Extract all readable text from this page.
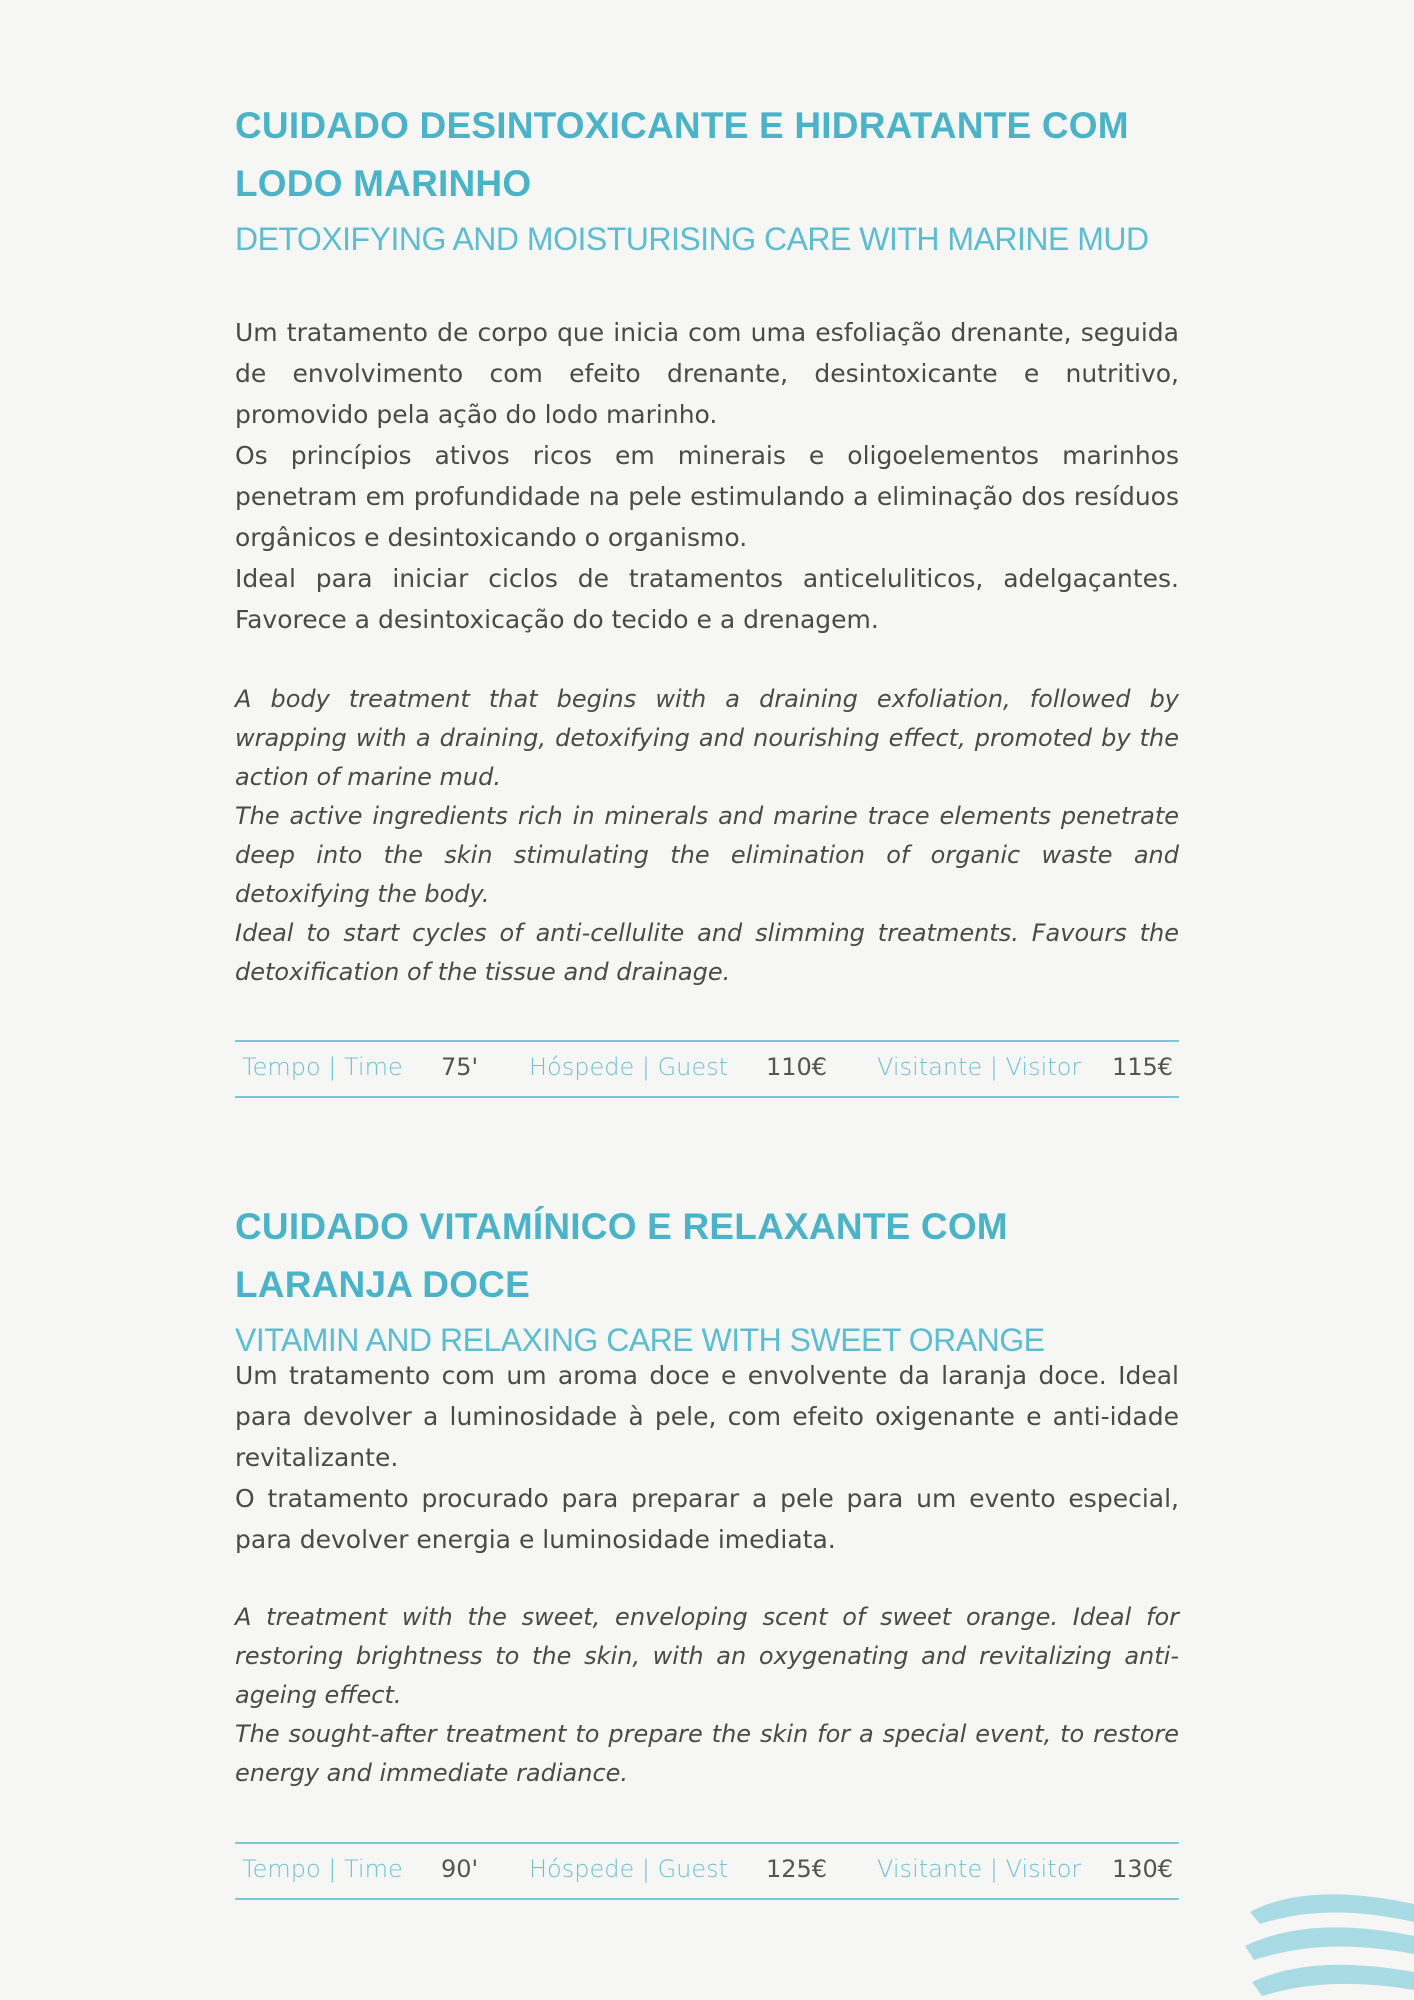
CUIDADO DESINTOXICANTE E HIDRATANTE COM
LODO MARINHO
DETOXIFYING AND MOISTURISING CARE WITH MARINE MUD

Um tratamento de corpo que inicia com uma esfoliação drenante, seguida de envolvimento com efeito drenante, desintoxicante e nutritivo, promovido pela ação do lodo marinho.
Os princípios ativos ricos em minerais e oligoelementos marinhos penetram em profundidade na pele estimulando a eliminação dos resíduos orgânicos e desintoxicando o organismo.
Ideal para iniciar ciclos de tratamentos anticeluliticos, adelgaçantes. Favorece a desintoxicação do tecido e a drenagem.

A body treatment that begins with a draining exfoliation, followed by wrapping with a draining, detoxifying and nourishing effect, promoted by the action of marine mud.
The active ingredients rich in minerals and marine trace elements penetrate deep into the skin stimulating the elimination of organic waste and detoxifying the body.
Ideal to start cycles of anti-cellulite and slimming treatments. Favours the detoxification of the tissue and drainage.

Tempo | Time 75' Hóspede | Guest 110€ Visitante | Visitor 115€
CUIDADO VITAMÍNICO E RELAXANTE COM LARANJA DOCE
VITAMIN AND RELAXING CARE WITH SWEET ORANGE

Um tratamento com um aroma doce e envolvente da laranja doce. Ideal para devolver a luminosidade à pele, com efeito oxigenante e anti-idade revitalizante.
O tratamento procurado para preparar a pele para um evento especial, para devolver energia e luminosidade imediata.

A treatment with the sweet, enveloping scent of sweet orange. Ideal for restoring brightness to the skin, with an oxygenating and revitalizing anti-ageing effect.
The sought-after treatment to prepare the skin for a special event, to restore energy and immediate radiance.

Tempo | Time 90' Hóspede | Guest 125€ Visitante | Visitor 130€
